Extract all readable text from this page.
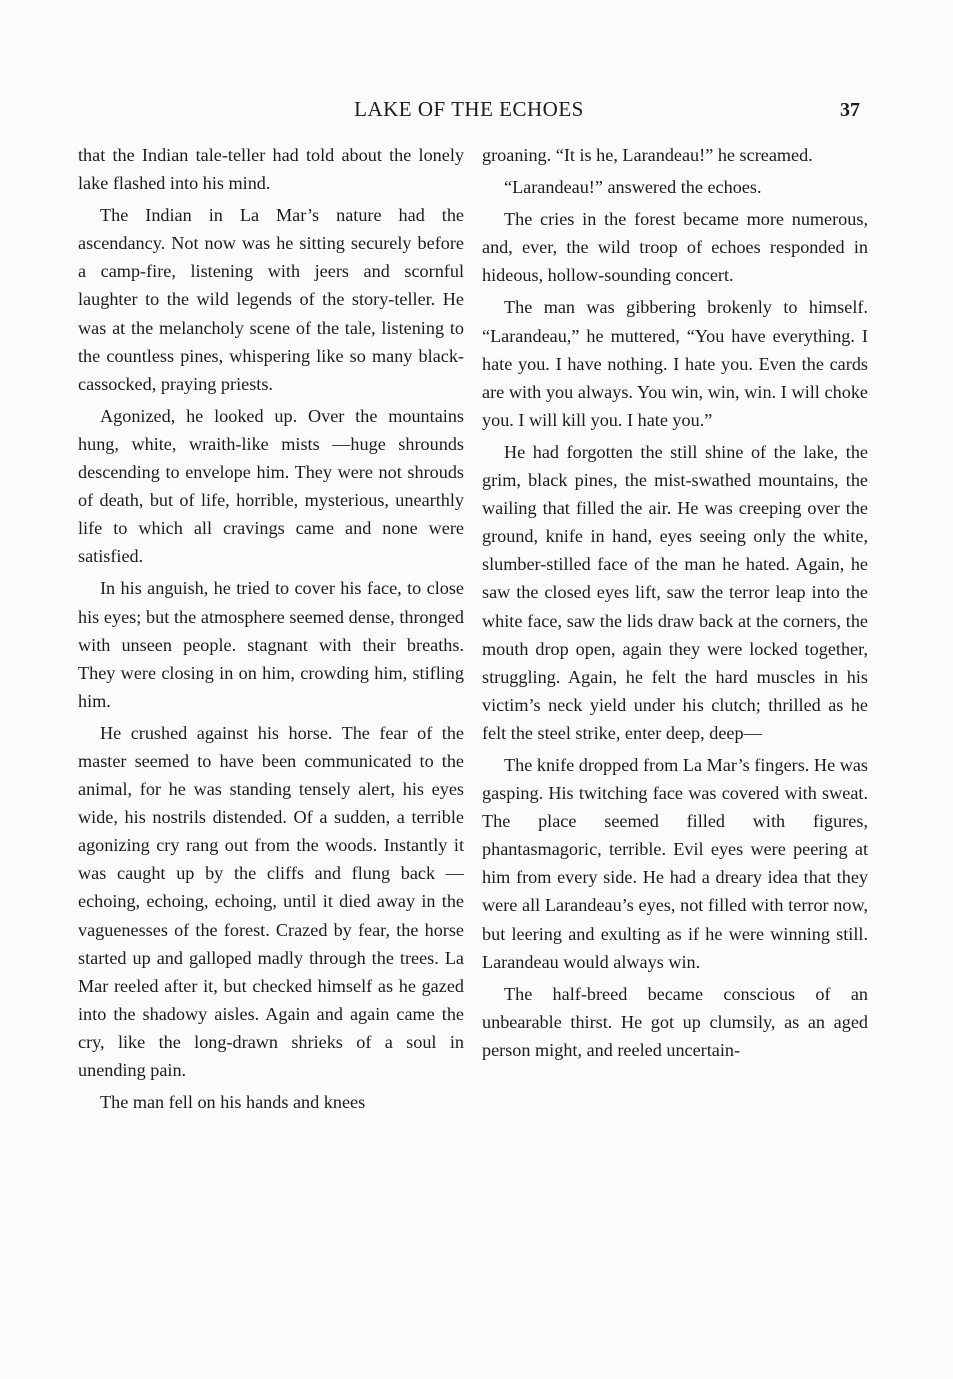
LAKE OF THE ECHOES	37

that the Indian tale-teller had told about the lonely lake flashed into his mind.

The Indian in La Mar’s nature had the ascendancy. Not now was he sitting securely before a camp-fire, listening with jeers and scornful laughter to the wild legends of the story-teller. He was at the melancholy scene of the tale, listening to the countless pines, whispering like so many black-cassocked, praying priests.

Agonized, he looked up. Over the mountains hung, white, wraith-like mists —huge shrounds descending to envelope him. They were not shrouds of death, but of life, horrible, mysterious, unearthly life to which all cravings came and none were satisfied.

In his anguish, he tried to cover his face, to close his eyes; but the atmosphere seemed dense, thronged with unseen people. stagnant with their breaths. They were closing in on him, crowding him, stifling him.

He crushed against his horse. The fear of the master seemed to have been communicated to the animal, for he was standing tensely alert, his eyes wide, his nostrils distended. Of a sudden, a terrible agonizing cry rang out from the woods. Instantly it was caught up by the cliffs and flung back — echoing, echoing, echoing, until it died away in the vaguenesses of the forest. Crazed by fear, the horse started up and galloped madly through the trees. La Mar reeled after it, but checked himself as he gazed into the shadowy aisles. Again and again came the cry, like the long-drawn shrieks of a soul in unending pain.

The man fell on his hands and knees

groaning. “It is he, Larandeau!” he screamed.

“Larandeau!” answered the echoes.

The cries in the forest became more numerous, and, ever, the wild troop of echoes responded in hideous, hollow-sounding concert.

The man was gibbering brokenly to himself. “Larandeau,” he muttered, “You have everything. I hate you. I have nothing. I hate you. Even the cards are with you always. You win, win, win. I will choke you. I will kill you. I hate you.”

He had forgotten the still shine of the lake, the grim, black pines, the mist-swathed mountains, the wailing that filled the air. He was creeping over the ground, knife in hand, eyes seeing only the white, slumber-stilled face of the man he hated. Again, he saw the closed eyes lift, saw the terror leap into the white face, saw the lids draw back at the corners, the mouth drop open, again they were locked together, struggling. Again, he felt the hard muscles in his victim’s neck yield under his clutch; thrilled as he felt the steel strike, enter deep, deep—

The knife dropped from La Mar’s fingers. He was gasping. His twitching face was covered with sweat. The place seemed filled with figures, phantasmagoric, terrible. Evil eyes were peering at him from every side. He had a dreary idea that they were all Larandeau’s eyes, not filled with terror now, but leering and exulting as if he were winning still. Larandeau would always win.

The half-breed became conscious of an unbearable thirst. He got up clumsily, as an aged person might, and reeled uncertain-
